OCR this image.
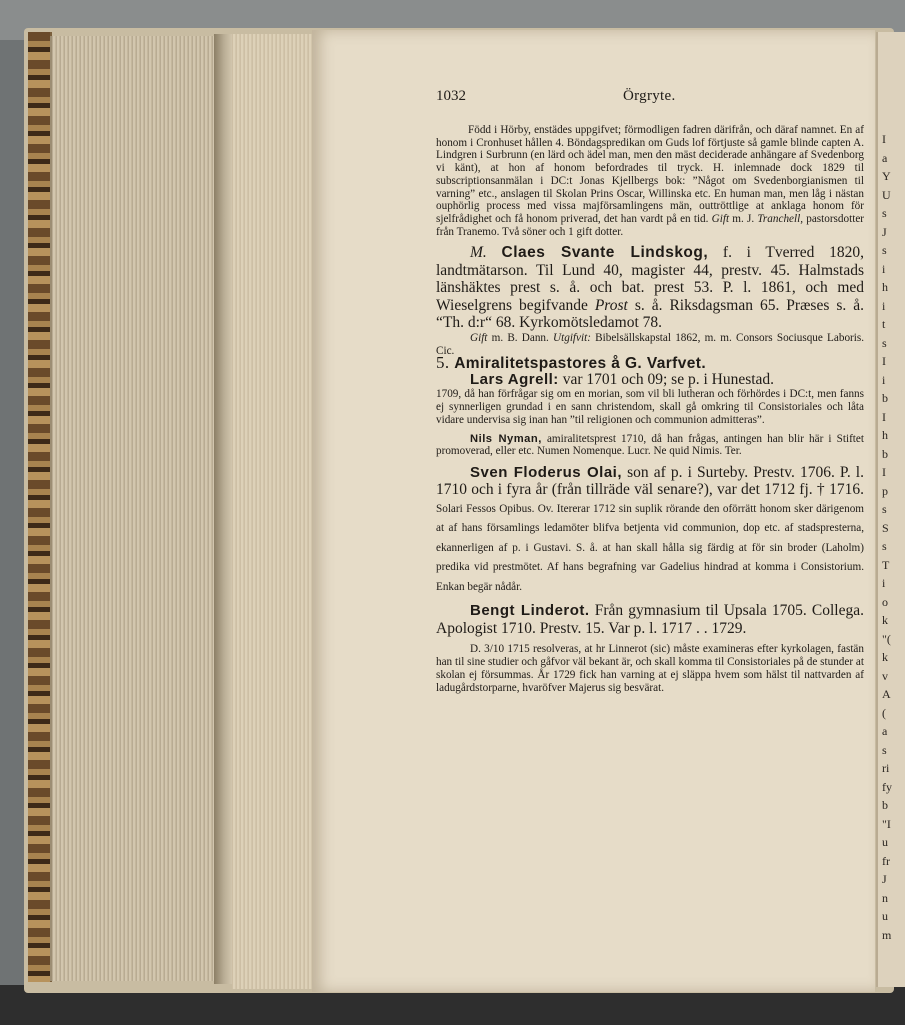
I
a
Y
U
s
J
s
i
h
i
t
s
I
i
b
I
h
b
I
p
s
S
s
T
i
o
k
"(
k
v
A
(
a
s
ri
fy
b
"I
u
fr
J
n
u
m
1032	Örgryte.

Född i Hörby, enstädes uppgifvet; förmodligen fadren därifrån, och däraf namnet. En af honom i Cronhuset hållen 4. Böndagspredikan om Guds lof förtjuste så gamle blinde capten A. Lindgren i Surbrunn (en lärd och ädel man, men den mäst deciderade anhängare af Svedenborg vi känt), at hon af honom befordrades til tryck. H. inlemnade dock 1829 til subscriptionsanmälan i DC:t Jonas Kjellbergs bok: ”Något om Svedenborgianismen til varning” etc., anslagen til Skolan Prins Oscar, Willinska etc. En human man, men låg i nästan ouphörlig process med vissa majförsamlingens män, outtröttlige at anklaga honom för sjelfrådighet och få honom priverad, det han vardt på en tid. Gift m. J. Tranchell, pastorsdotter från Tranemo. Två söner och 1 gift dotter.

M. Claes Svante Lindskog, f. i Tverred 1820, landtmätarson. Til Lund 40, magister 44, prestv. 45. Halmstads länshäktes prest s. å. och bat. prest 53. P. l. 1861, och med Wieselgrens begifvande Prost s. å. Riksdagsman 65. Præses s. å. “Th. d:r“ 68. Kyrkomötsledamot 78.

Gift m. B. Dann. Utgifvit: Bibelsällskapstal 1862, m. m. Consors Sociusque Laboris. Cic.

5. Amiralitetspastores å G. Varfvet.

Lars Agrell: var 1701 och 09; se p. i Hunestad.

1709, då han förfrågar sig om en morian, som vil bli lutheran och förhördes i DC:t, men fanns ej synnerligen grundad i en sann christendom, skall gå omkring til Consistoriales och låta vidare undervisa sig inan han ”til religionen och communion admitteras”.

Nils Nyman, amiralitetsprest 1710, då han frågas, antingen han blir här i Stiftet promoverad, eller etc. Numen Nomenque. Lucr. Ne quid Nimis. Ter.

Sven Floderus Olai, son af p. i Surteby. Prestv. 1706. P. l. 1710 och i fyra år (från tillräde väl senare?), var det 1712 fj. † 1716. Solari Fessos Opibus. Ov. Itererar 1712 sin suplik rörande den oförrätt honom sker därigenom at af hans församlings ledamöter blifva betjenta vid communion, dop etc. af stadspresterna, ekannerligen af p. i Gustavi. S. å. at han skall hålla sig färdig at för sin broder (Laholm) predika vid prestmötet. Af hans begrafning var Gadelius hindrad at komma i Consistorium. Enkan begär nådår.

Bengt Linderot. Från gymnasium til Upsala 1705. Collega. Apologist 1710. Prestv. 15. Var p. l. 1717 . . 1729.

D. 3/10 1715 resolveras, at hr Linnerot (sic) måste examineras efter kyrkolagen, fastän han til sine studier och gåfvor väl bekant är, och skall komma til Consistoriales på de stunder at skolan ej försummas. År 1729 fick han varning at ej släppa hvem som hälst til nattvarden af ladugårdstorparne, hvaröfver Majerus sig besvärat.
